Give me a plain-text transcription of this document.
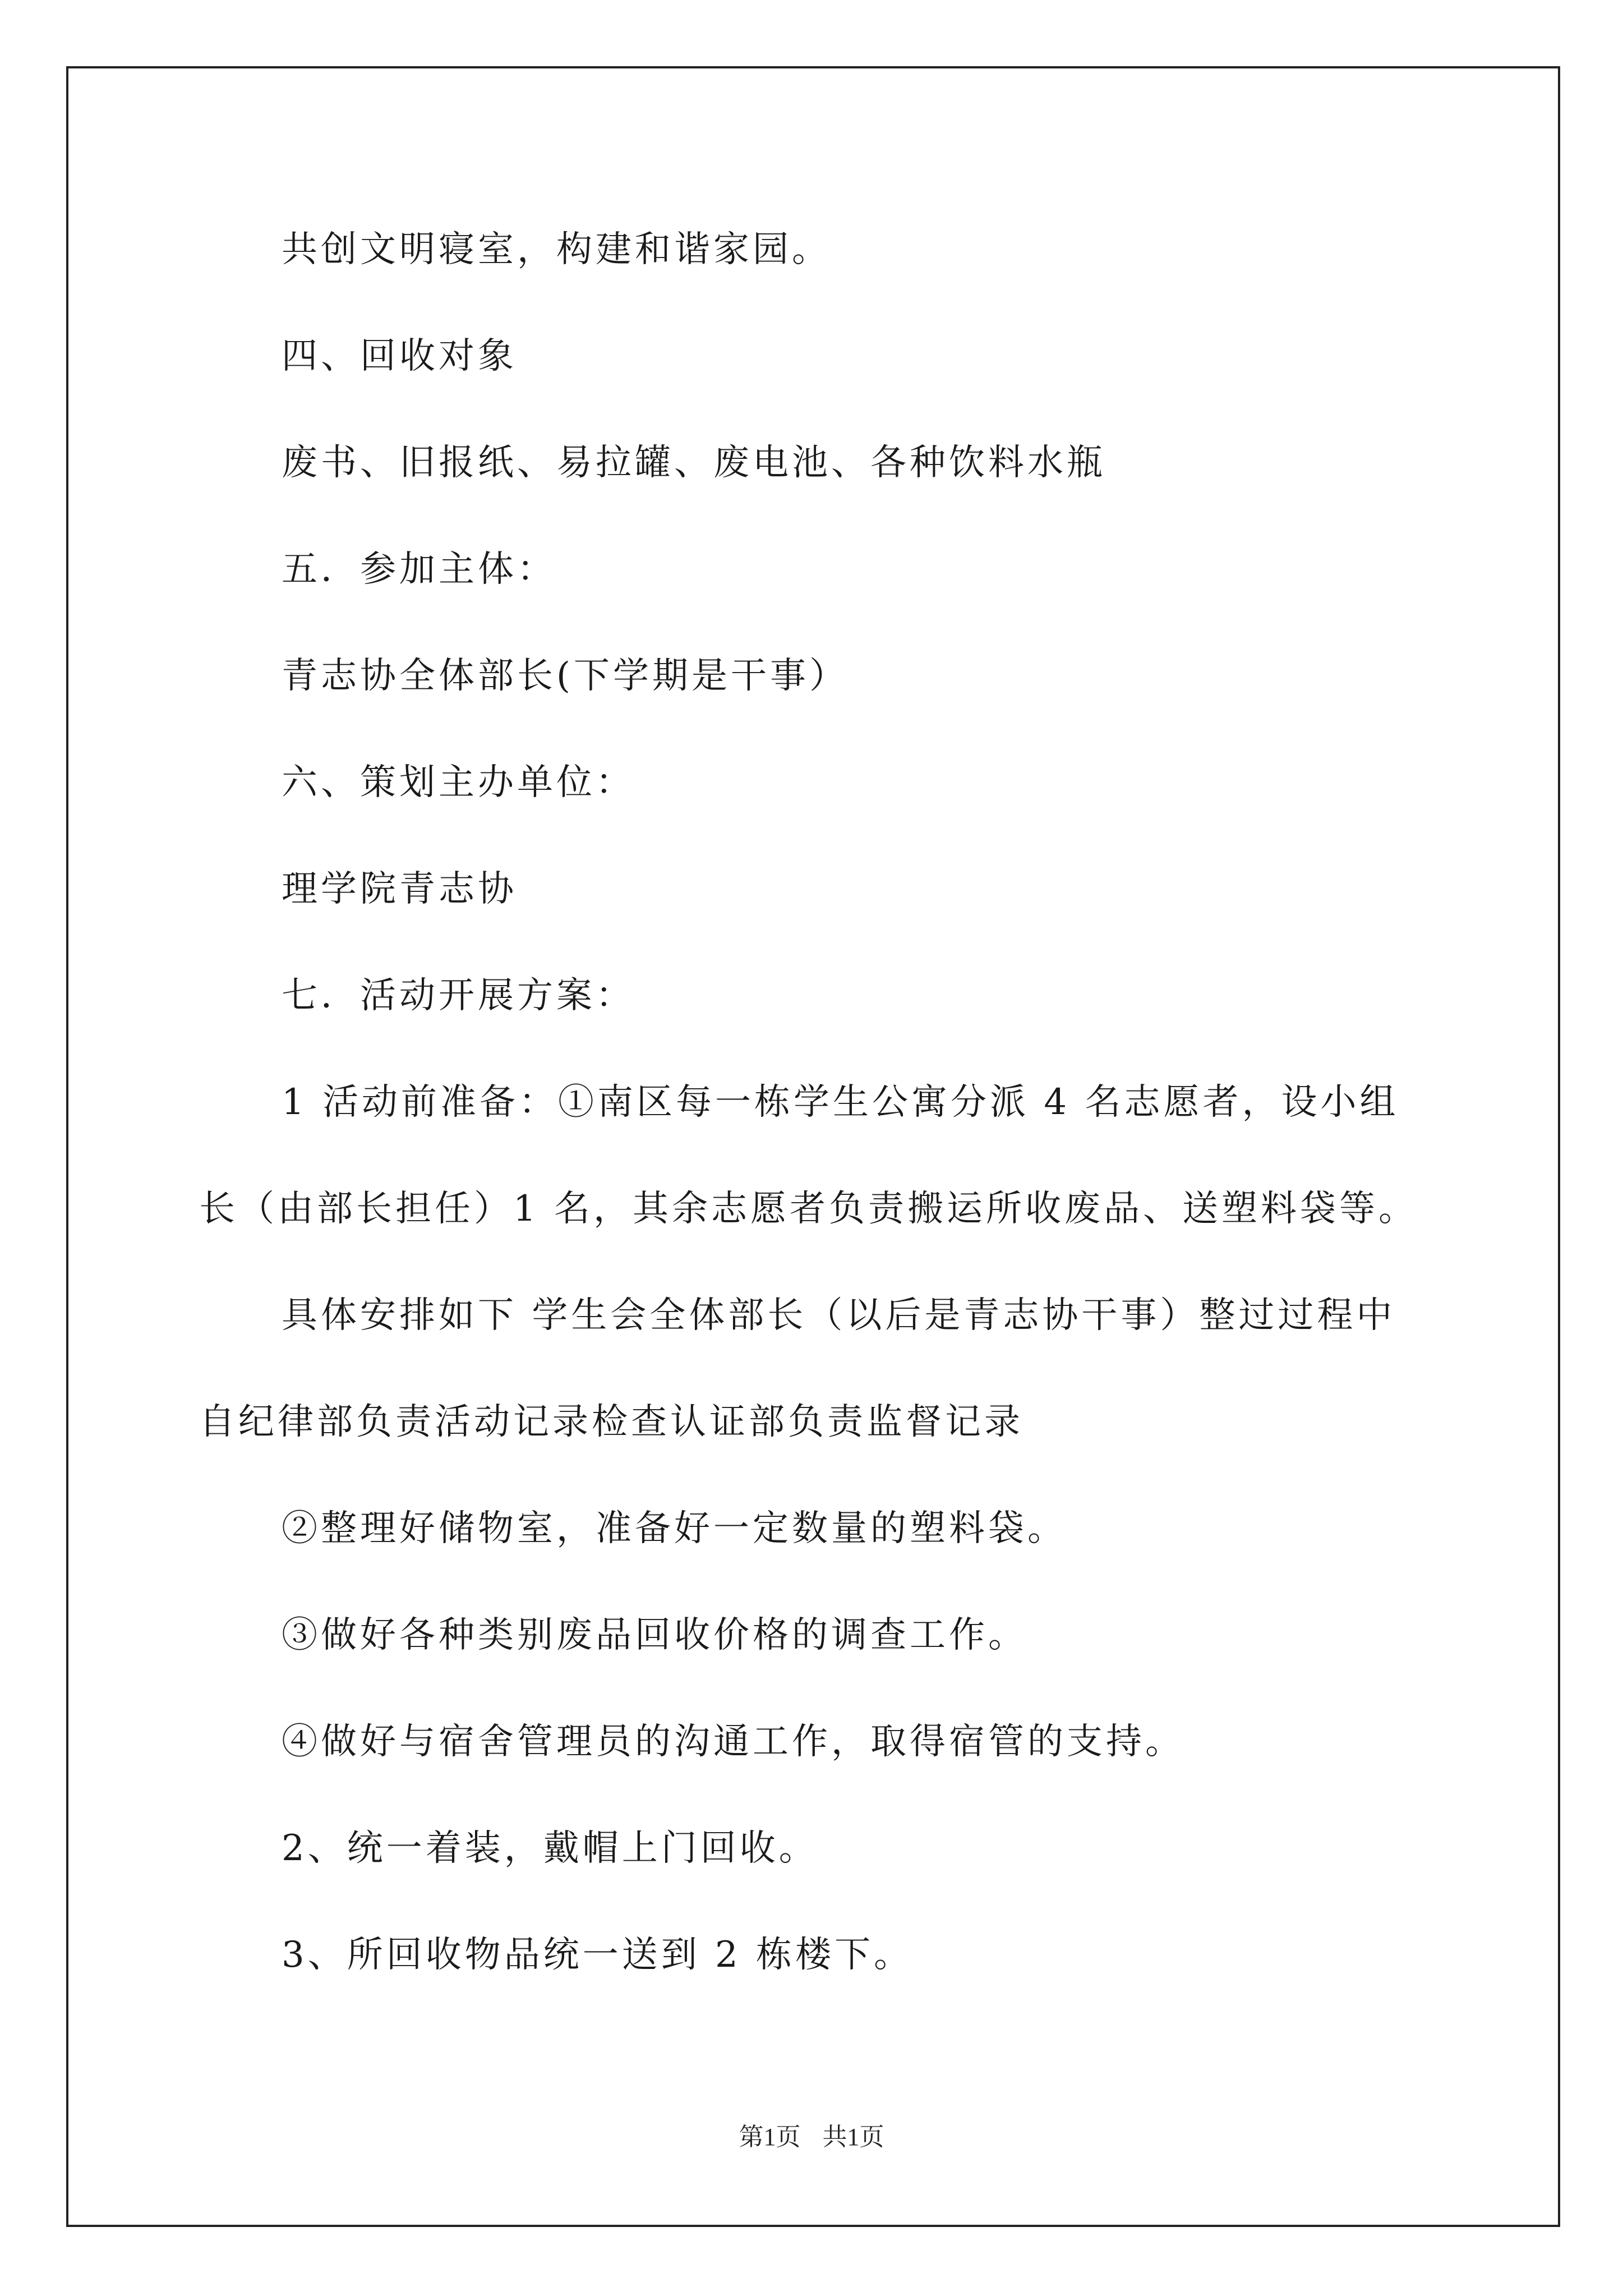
共创文明寝室，构建和谐家园。
四、回收对象
废书、旧报纸、易拉罐、废电池、各种饮料水瓶
五．参加主体：
青志协全体部长(下学期是干事）
六、策划主办单位：
理学院青志协
七．活动开展方案：
1 活动前准备：①南区每一栋学生公寓分派 4 名志愿者，设小组
长（由部长担任）1 名，其余志愿者负责搬运所收废品、送塑料袋等。
具体安排如下 学生会全体部长（以后是青志协干事）整过过程中
自纪律部负责活动记录检查认证部负责监督记录
②整理好储物室，准备好一定数量的塑料袋。
③做好各种类别废品回收价格的调查工作。
④做好与宿舍管理员的沟通工作，取得宿管的支持。
2、统一着装，戴帽上门回收。
3、所回收物品统一送到 2 栋楼下。
第1页 共1页
